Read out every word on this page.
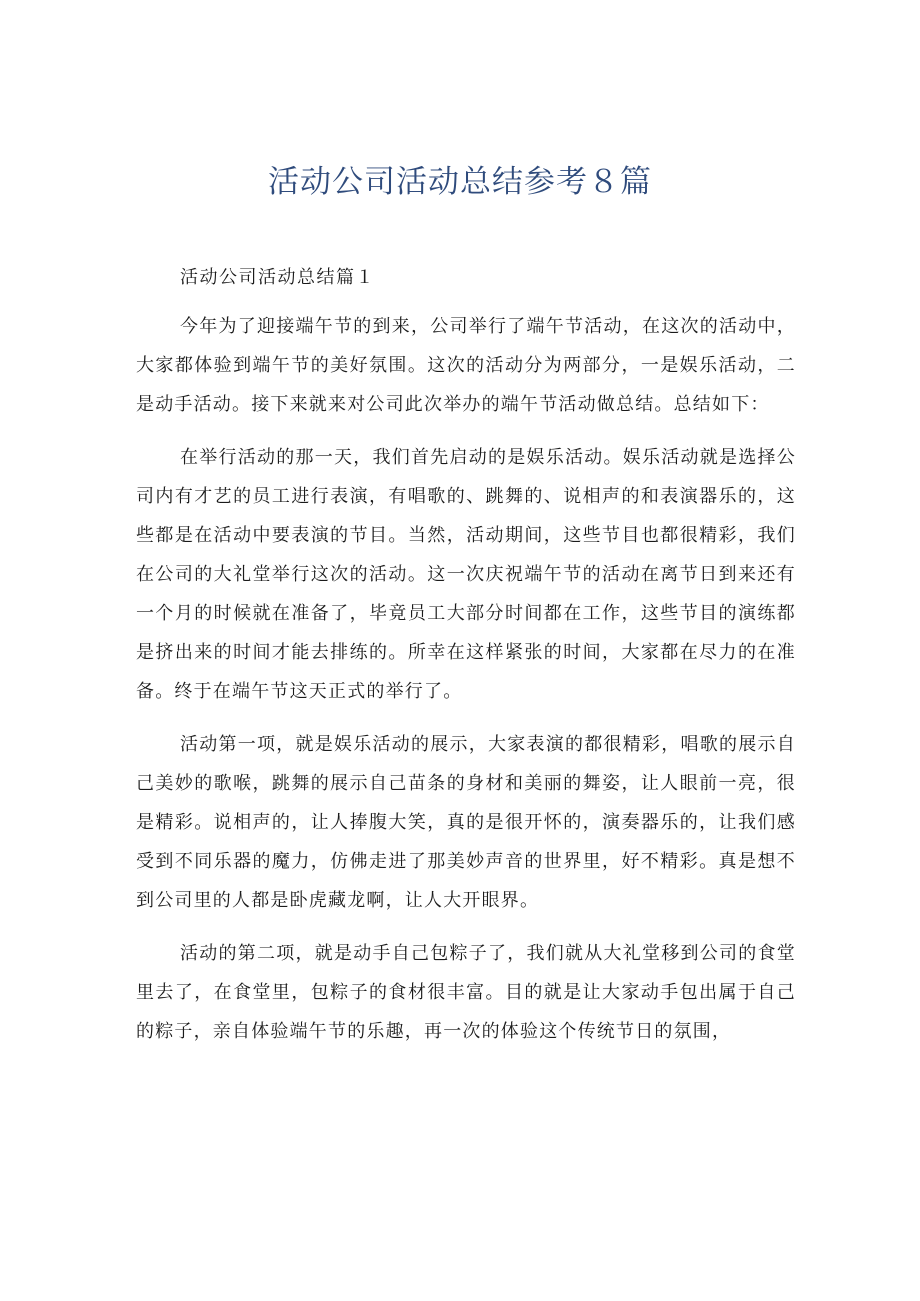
活动公司活动总结参考８篇
活动公司活动总结篇１

今年为了迎接端午节的到来，公司举行了端午节活动，在这次的活动中，大家都体验到端午节的美好氛围。这次的活动分为两部分，一是娱乐活动，二是动手活动。接下来就来对公司此次举办的端午节活动做总结。总结如下：

在举行活动的那一天，我们首先启动的是娱乐活动。娱乐活动就是选择公司内有才艺的员工进行表演，有唱歌的、跳舞的、说相声的和表演器乐的，这些都是在活动中要表演的节目。当然，活动期间，这些节目也都很精彩，我们在公司的大礼堂举行这次的活动。这一次庆祝端午节的活动在离节日到来还有一个月的时候就在准备了，毕竟员工大部分时间都在工作，这些节目的演练都是挤出来的时间才能去排练的。所幸在这样紧张的时间，大家都在尽力的在准备。终于在端午节这天正式的举行了。

活动第一项，就是娱乐活动的展示，大家表演的都很精彩，唱歌的展示自己美妙的歌喉，跳舞的展示自己苗条的身材和美丽的舞姿，让人眼前一亮，很是精彩。说相声的，让人捧腹大笑，真的是很开怀的，演奏器乐的，让我们感受到不同乐器的魔力，仿佛走进了那美妙声音的世界里，好不精彩。真是想不到公司里的人都是卧虎藏龙啊，让人大开眼界。

活动的第二项，就是动手自己包粽子了，我们就从大礼堂移到公司的食堂里去了，在食堂里，包粽子的食材很丰富。目的就是让大家动手包出属于自己的粽子，亲自体验端午节的乐趣，再一次的体验这个传统节日的氛围，
